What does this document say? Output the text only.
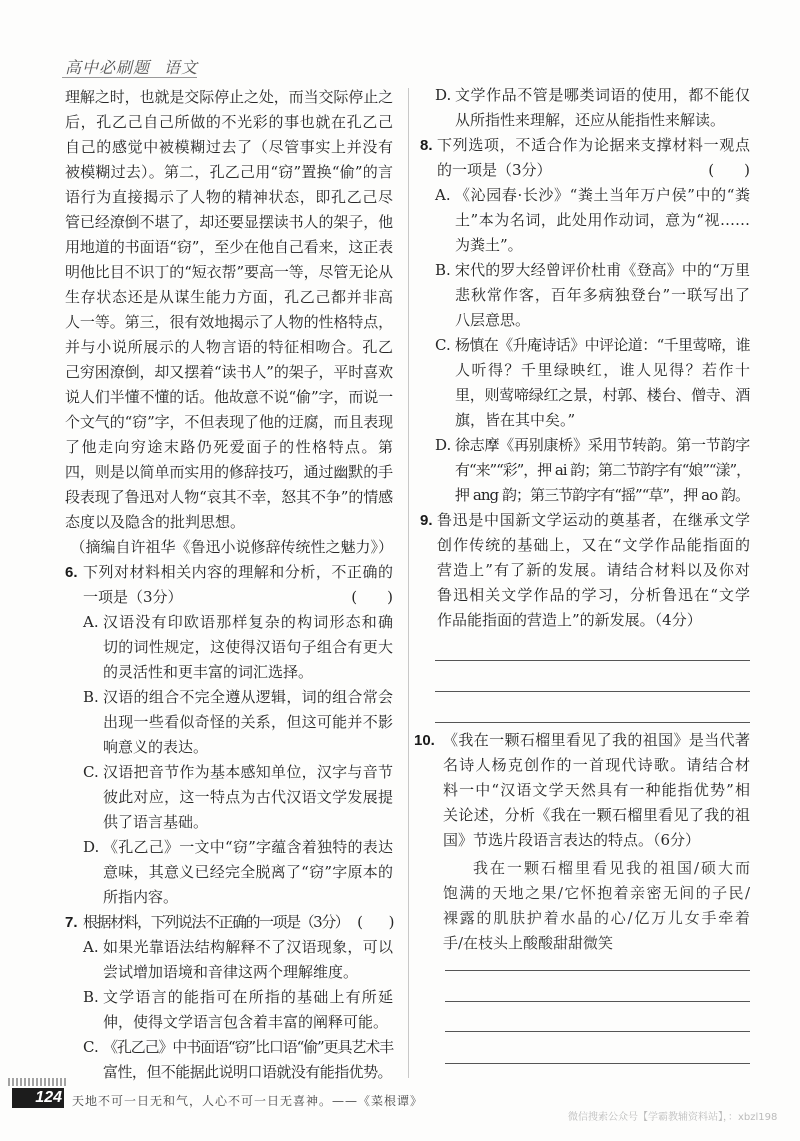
高中必刷题 语文
理解之时，也就是交际停止之处，而当交际停止之
后，孔乙己自己所做的不光彩的事也就在孔乙己
自己的感觉中被模糊过去了（尽管事实上并没有
被模糊过去）。第二，孔乙己用“窃”置换“偷”的言
语行为直接揭示了人物的精神状态，即孔乙己尽
管已经潦倒不堪了，却还要显摆读书人的架子，他
用地道的书面语“窃”，至少在他自己看来，这正表
明他比目不识丁的“短衣帮”要高一等，尽管无论从
生存状态还是从谋生能力方面，孔乙己都并非高
人一等。第三，很有效地揭示了人物的性格特点，
并与小说所展示的人物言语的特征相吻合。孔乙
己穷困潦倒，却又摆着“读书人”的架子，平时喜欢
说人们半懂不懂的话。他故意不说“偷”字，而说一
个文气的“窃”字，不但表现了他的迂腐，而且表现
了他走向穷途末路仍死爱面子的性格特点。第
四，则是以简单而实用的修辞技巧，通过幽默的手
段表现了鲁迅对人物“哀其不幸，怒其不争”的情感
态度以及隐含的批判思想。
（摘编自许祖华《鲁迅小说修辞传统性之魅力》）
6. 下列对材料相关内容的理解和分析，不正确的
一项是（3分）	(　　)
A. 汉语没有印欧语那样复杂的构词形态和确
切的词性规定，这使得汉语句子组合有更大
的灵活性和更丰富的词汇选择。
B. 汉语的组合不完全遵从逻辑，词的组合常会
出现一些看似奇怪的关系，但这可能并不影
响意义的表达。
C. 汉语把音节作为基本感知单位，汉字与音节
彼此对应，这一特点为古代汉语文学发展提
供了语言基础。
D. 《孔乙己》一文中“窃”字蕴含着独特的表达
意味，其意义已经完全脱离了“窃”字原本的
所指内容。
7. 根据材料，下列说法不正确的一项是（3分） (　　)
A. 如果光靠语法结构解释不了汉语现象，可以
尝试增加语境和音律这两个理解维度。
B. 文学语言的能指可在所指的基础上有所延
伸，使得文学语言包含着丰富的阐释可能。
C. 《孔乙己》中书面语“窃”比口语“偷”更具艺术丰
富性，但不能据此说明口语就没有能指优势。
D. 文学作品不管是哪类词语的使用，都不能仅
从所指性来理解，还应从能指性来解读。
8. 下列选项，不适合作为论据来支撑材料一观点
的一项是（3分）	(　　)
A. 《沁园春·长沙》“粪土当年万户侯”中的“粪
土”本为名词，此处用作动词，意为“视……
为粪土”。
B. 宋代的罗大经曾评价杜甫《登高》中的“万里
悲秋常作客，百年多病独登台”一联写出了
八层意思。
C. 杨慎在《升庵诗话》中评论道：“千里莺啼，谁
人听得？千里绿映红，谁人见得？若作十
里，则莺啼绿红之景，村郭、楼台、僧寺、酒
旗，皆在其中矣。”
D. 徐志摩《再别康桥》采用节转韵。第一节韵字
有“来”“彩”，押 ai 韵；第二节韵字有“娘”“漾”，
押 ang 韵；第三节韵字有“摇”“草”，押 ao 韵。
9. 鲁迅是中国新文学运动的奠基者，在继承文学
创作传统的基础上，又在“文学作品能指面的
营造上”有了新的发展。请结合材料以及你对
鲁迅相关文学作品的学习，分析鲁迅在“文学
作品能指面的营造上”的新发展。（4分）
10. 《我在一颗石榴里看见了我的祖国》是当代著
名诗人杨克创作的一首现代诗歌。请结合材
料一中“汉语文学天然具有一种能指优势”相
关论述，分析《我在一颗石榴里看见了我的祖
国》节选片段语言表达的特点。（6分）
我在一颗石榴里看见我的祖国/硕大而
饱满的天地之果/它怀抱着亲密无间的子民/
裸露的肌肤护着水晶的心/亿万儿女手牵着
手/在枝头上酸酸甜甜微笑
124 天地不可一日无和气，人心不可一日无喜神。——《菜根谭》
微信搜索公众号【学霸教辅资料站】，：xbzl198
